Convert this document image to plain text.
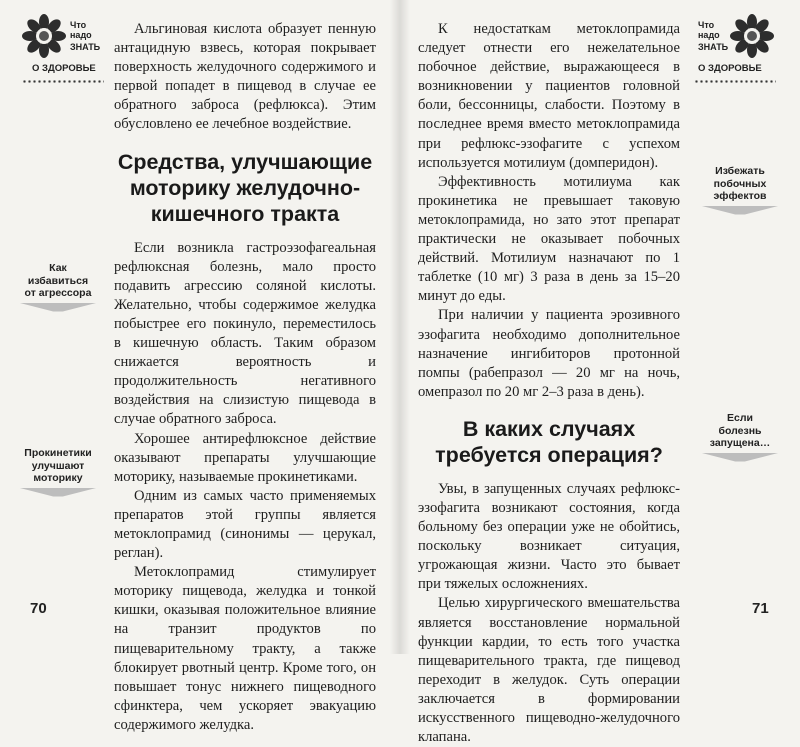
Что
надо
ЗНАТЬ
О ЗДОРОВЬЕ
Как
избавиться
от агрессора
Прокинетики
улучшают
моторику

Альгиновая кислота образует пенную антацидную взвесь, которая покрывает поверхность желудочного содержимого и первой попадет в пищевод в случае ее обратного заброса (рефлюкса). Этим обусловлено ее лечебное воздействие.

Средства, улучшающие моторику желудочно-кишечного тракта

Если возникла гастроэзофагеальная рефлюксная болезнь, мало просто подавить агрессию соляной кислоты. Желательно, чтобы содержимое желудка побыстрее его покинуло, переместилось в кишечную область. Таким образом снижается вероятность и продолжительность негативного воздействия на слизистую пищевода в случае обратного заброса.

Хорошее антирефлюксное действие оказывают препараты улучшающие моторику, называемые прокинетиками.

Одним из самых часто применяемых препаратов этой группы является метоклопрамид (синонимы — церукал, реглан).

Метоклопрамид стимулирует моторику пищевода, желудка и тонкой кишки, оказывая положительное влияние на транзит продуктов по пищеварительному тракту, а также блокирует рвотный центр. Кроме того, он повышает тонус нижнего пищеводного сфинктера, чем ускоряет эвакуацию содержимого желудка.

70
Что
надо
ЗНАТЬ
О ЗДОРОВЬЕ
Избежать
побочных
эффектов
Если
болезнь
запущена…

К недостаткам метоклопрамида следует отнести его нежелательное побочное действие, выражающееся в возникновении у пациентов головной боли, бессонницы, слабости. Поэтому в последнее время вместо метоклопрамида при рефлюкс-эзофагите с успехом используется мотилиум (домперидон).

Эффективность мотилиума как прокинетика не превышает таковую метоклопрамида, но зато этот препарат практически не оказывает побочных действий. Мотилиум назначают по 1 таблетке (10 мг) 3 раза в день за 15–20 минут до еды.

При наличии у пациента эрозивного эзофагита необходимо дополнительное назначение ингибиторов протонной помпы (рабепразол — 20 мг на ночь, омепразол по 20 мг 2–3 раза в день).

В каких случаях требуется операция?

Увы, в запущенных случаях рефлюкс-эзофагита возникают состояния, когда больному без операции уже не обойтись, поскольку возникает ситуация, угрожающая жизни. Часто это бывает при тяжелых осложнениях.

Целью хирургического вмешательства является восстановление нормальной функции кардии, то есть того участка пищеварительного тракта, где пищевод переходит в желудок. Суть операции заключается в формировании искусственного пищеводно-желудочного клапана.

71
